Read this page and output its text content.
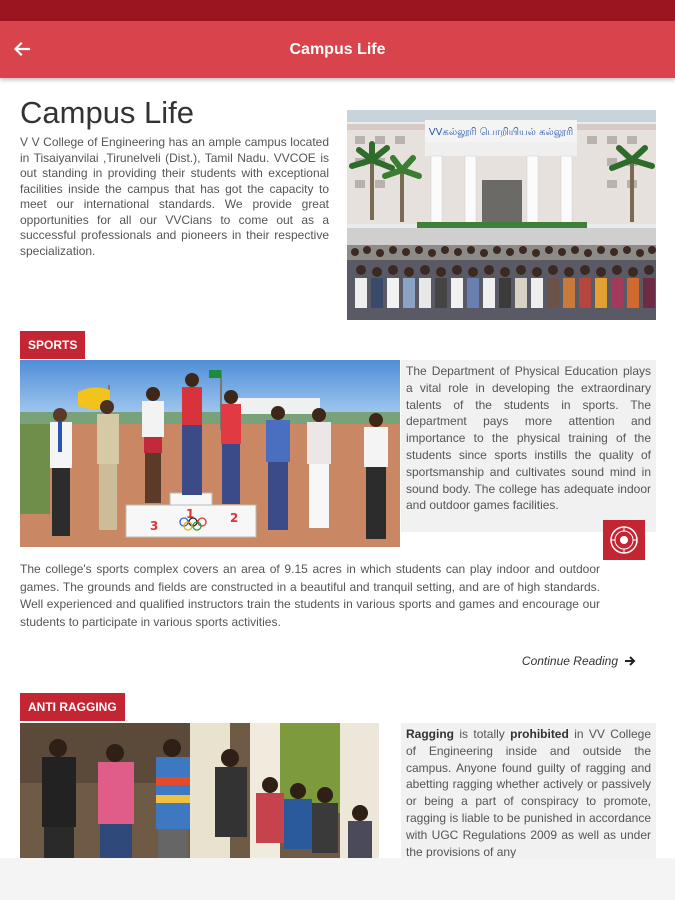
Campus Life
Campus Life

V V College of Engineering has an ample campus located in Tisaiyanvilai ,Tirunelveli (Dist.), Tamil Nadu. VVCOE is out standing in providing their students with exceptional facilities inside the campus that has got the capacity to meet our international standards. We provide great opportunities for all our VVCians to come out as a successful professionals and pioneers in their respective specialization.

VVகல்லூரி பொறியியல் கல்லூரி
SPORTS
3
1	2
The Department of Physical Education plays a vital role in developing the extraordinary talents of the students in sports. The department pays more attention and importance to the physical training of the students since sports instills the quality of sportsmanship and cultivates sound mind in sound body. The college has adequate indoor and outdoor games facilities.

The college's sports complex covers an area of 9.15 acres in which students can play indoor and outdoor games. The grounds and fields are constructed in a beautiful and tranquil setting, and are of high standards. Well experienced and qualified instructors train the students in various sports and games and encourage our students to participate in various sports activities.

Continue Reading
ANTI RAGGING
Ragging is totally prohibited in VV College of Engineering inside and outside the campus. Anyone found guilty of ragging and abetting ragging whether actively or passively or being a part of conspiracy to promote, ragging is liable to be punished in accordance with UGC Regulations 2009 as well as under the provisions of any
